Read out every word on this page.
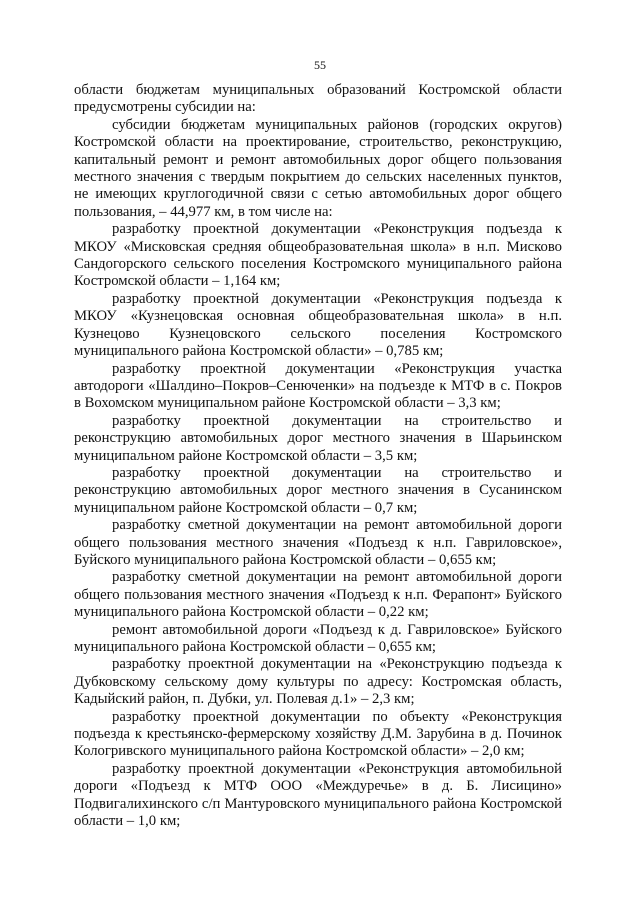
55

области бюджетам муниципальных образований Костромской области предусмотрены субсидии на:

субсидии бюджетам муниципальных районов (городских округов) Костромской области на проектирование, строительство, реконструкцию, капитальный ремонт и ремонт автомобильных дорог общего пользования местного значения с твердым покрытием до сельских населенных пунктов, не имеющих круглогодичной связи с сетью автомобильных дорог общего пользования, – 44,977 км, в том числе на:

разработку проектной документации «Реконструкция подъезда к МКОУ «Мисковская средняя общеобразовательная школа» в н.п. Мисково Сандогорского сельского поселения Костромского муниципального района Костромской области – 1,164 км;

разработку проектной документации «Реконструкция подъезда к МКОУ «Кузнецовская основная общеобразовательная школа» в н.п. Кузнецово Кузнецовского сельского поселения Костромского муниципального района Костромской области» – 0,785 км;

разработку проектной документации «Реконструкция участка автодороги «Шалдино–Покров–Сенюченки» на подъезде к МТФ в с. Покров в Вохомском муниципальном районе Костромской области – 3,3 км;

разработку проектной документации на строительство и реконструкцию автомобильных дорог местного значения в Шарьинском муниципальном районе Костромской области – 3,5 км;

разработку проектной документации на строительство и реконструкцию автомобильных дорог местного значения в Сусанинском муниципальном районе Костромской области – 0,7 км;

разработку сметной документации на ремонт автомобильной дороги общего пользования местного значения «Подъезд к н.п. Гавриловское», Буйского муниципального района Костромской области – 0,655 км;

разработку сметной документации на ремонт автомобильной дороги общего пользования местного значения «Подъезд к н.п. Ферапонт» Буйского муниципального района Костромской области – 0,22 км;

ремонт автомобильной дороги «Подъезд к д. Гавриловское» Буйского муниципального района Костромской области – 0,655 км;

разработку проектной документации на «Реконструкцию подъезда к Дубковскому сельскому дому культуры по адресу: Костромская область, Кадыйский район, п. Дубки, ул. Полевая д.1» – 2,3 км;

разработку проектной документации по объекту «Реконструкция подъезда к крестьянско-фермерскому хозяйству Д.М. Зарубина в д. Починок Кологривского муниципального района Костромской области» – 2,0 км;

разработку проектной документации «Реконструкция автомобильной дороги «Подъезд к МТФ ООО «Междуречье» в д. Б. Лисицино» Подвигалихинского с/п Мантуровского муниципального района Костромской области – 1,0 км;
